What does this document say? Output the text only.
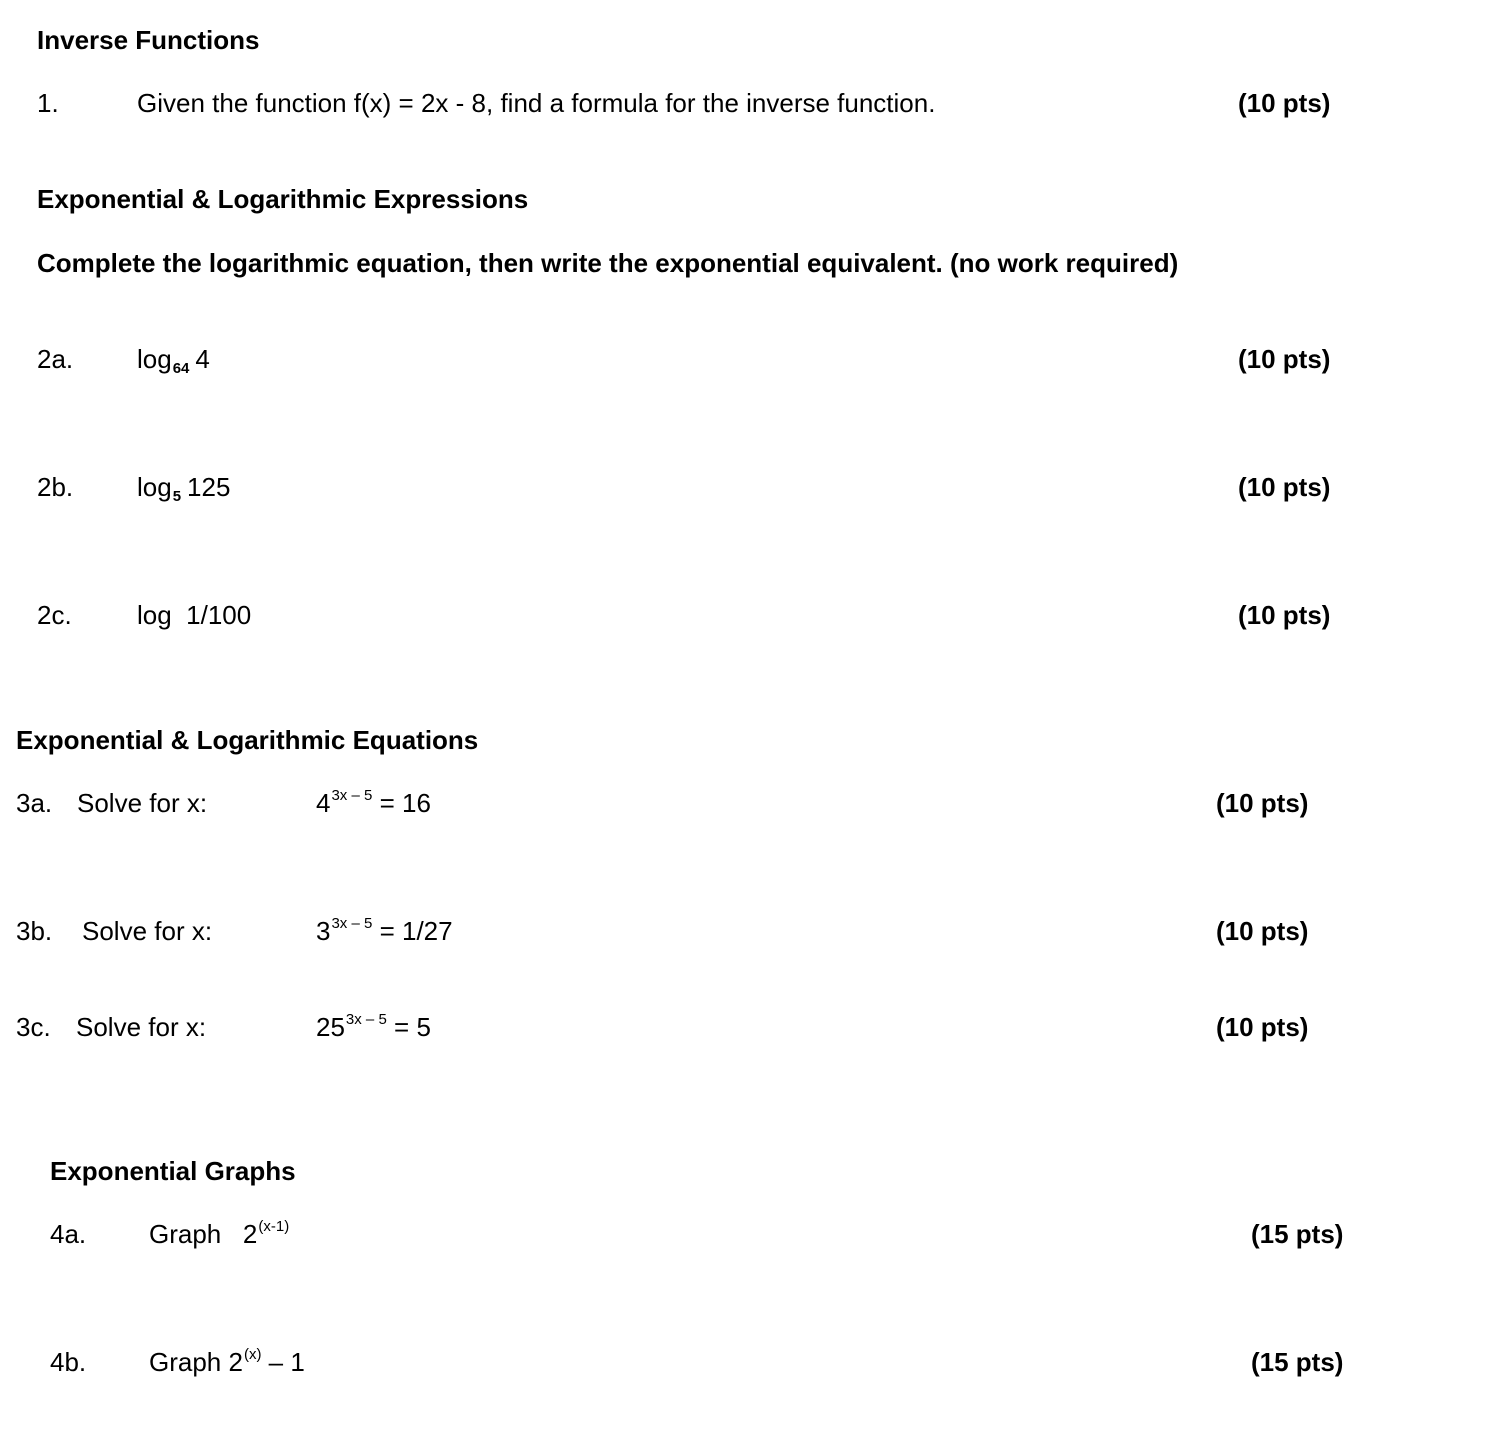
Inverse Functions
1.	Given the function f(x) = 2x - 8, find a formula for the inverse function.	(10 pts)
Exponential & Logarithmic Expressions
Complete the logarithmic equation, then write the exponential equivalent. (no work required)
2a. log64 4	(10 pts)
2b. log5 125	(10 pts)
2c.	log  1/100	(10 pts)
Exponential & Logarithmic Equations
3a. Solve for x:	$4^{3x - 5} = 16$	(10 pts)
3b. Solve for x:	$3^{3x - 5} = 1/27$	(10 pts)
3c. Solve for x:	$25^{3x - 5} = 5$	(10 pts)
Exponential Graphs
4a. Graph   2$^{(x-1)}$	(15 pts)
4b. Graph 2$^{(x)}$ – 1	(15 pts)
